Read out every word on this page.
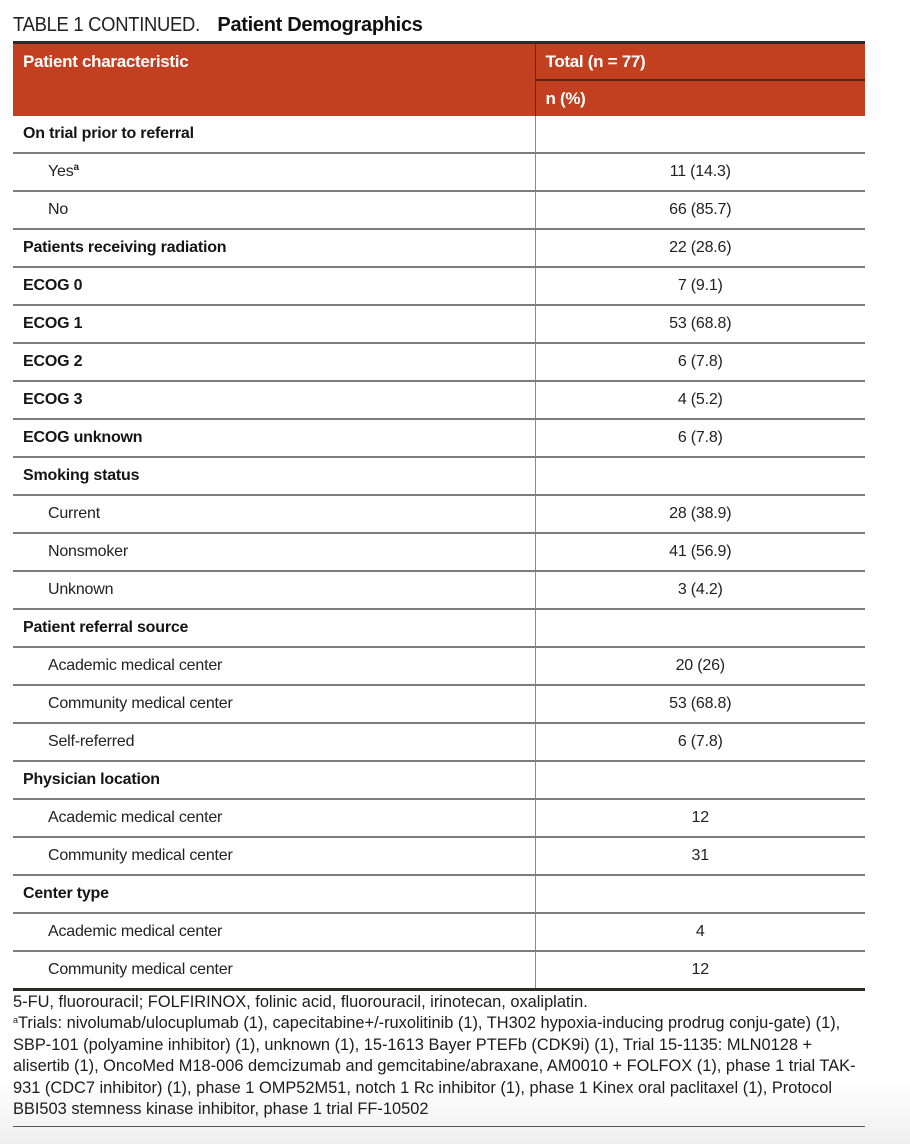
TABLE 1 CONTINUED. Patient Demographics
Patient characteristic	Total (n = 77)
	n (%)
On trial prior to referral	
Yes$^a$	11 (14.3)
No	66 (85.7)
Patients receiving radiation	22 (28.6)
ECOG 0	7 (9.1)
ECOG 1	53 (68.8)
ECOG 2	6 (7.8)
ECOG 3	4 (5.2)
ECOG unknown	6 (7.8)
Smoking status	
Current	28 (38.9)
Nonsmoker	41 (56.9)
Unknown	3 (4.2)
Patient referral source	
Academic medical center	20 (26)
Community medical center	53 (68.8)
Self-referred	6 (7.8)
Physician location	
Academic medical center	12
Community medical center	31
Center type	
Academic medical center	4
Community medical center	12

5-FU, fluorouracil; FOLFIRINOX, folinic acid, fluorouracil, irinotecan, oxaliplatin.

$^a$Trials: nivolumab/ulocuplumab (1), capecitabine+/-ruxolitinib (1), TH302 hypoxia-inducing prodrug conju-gate) (1), SBP-101 (polyamine inhibitor) (1), unknown (1), 15-1613 Bayer PTEFb (CDK9i) (1), Trial 15-1135: MLN0128 + alisertib (1), OncoMed M18-006 demcizumab and gemcitabine/abraxane, AM0010 + FOLFOX (1), phase 1 trial TAK-931 (CDC7 inhibitor) (1), phase 1 OMP52M51, notch 1 Rc inhibitor (1), phase 1 Kinex oral paclitaxel (1), Protocol BBI503 stemness kinase inhibitor, phase 1 trial FF-10502
